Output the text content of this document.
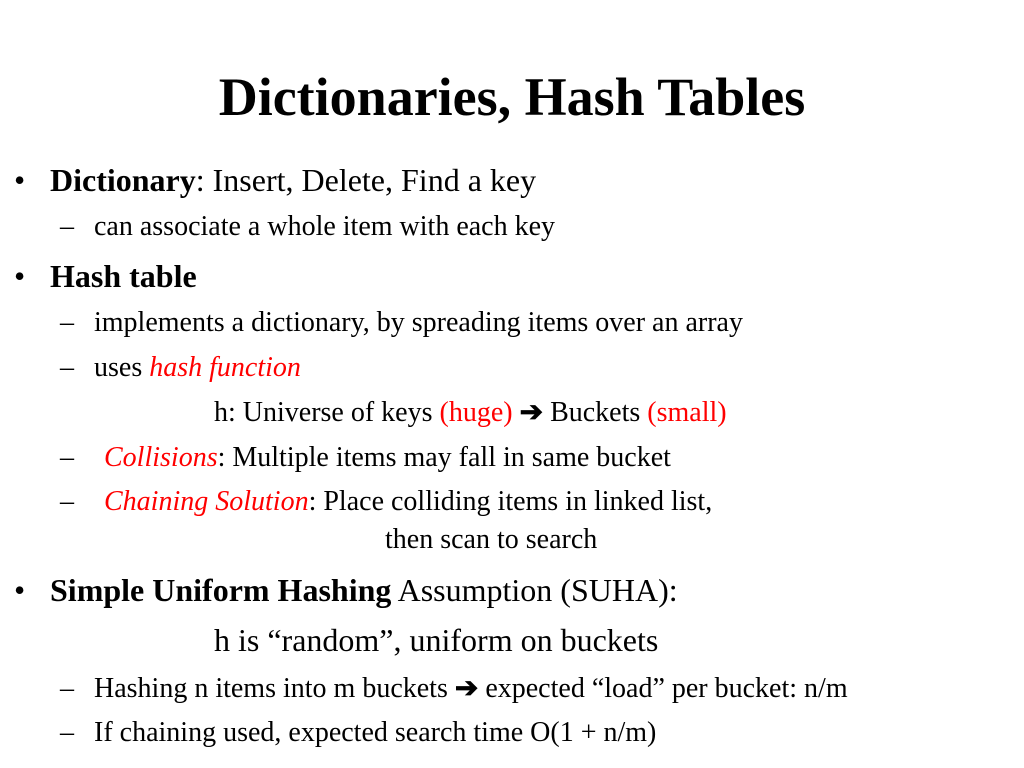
Dictionaries, Hash Tables
• Dictionary: Insert, Delete, Find a key
– can associate a whole item with each key
• Hash table
– implements a dictionary, by spreading items over an array
– uses hash function
h: Universe of keys (huge) ➔ Buckets (small)
– Collisions: Multiple items may fall in same bucket
– Chaining Solution: Place colliding items in linked list,
then scan to search
• Simple Uniform Hashing Assumption (SUHA):
h is “random”, uniform on buckets
– Hashing n items into m buckets ➔ expected “load” per bucket: n/m
– If chaining used, expected search time O(1 + n/m)
